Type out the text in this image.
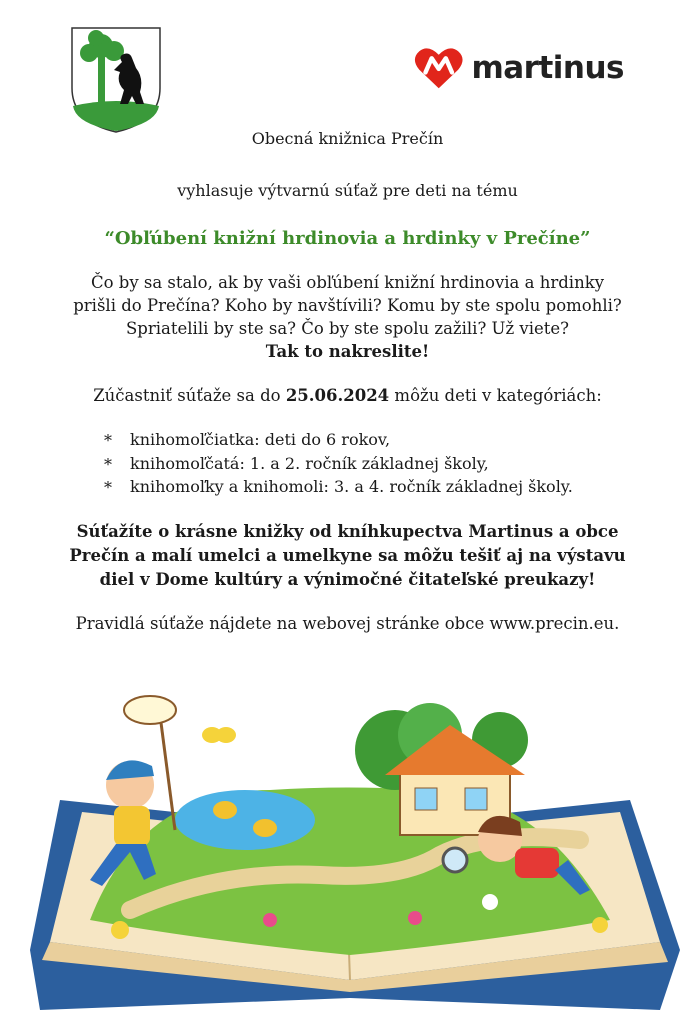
martinus
Obecná knižnica Prečín
vyhlasuje výtvarnú súťaž pre deti na tému
“Obľúbení knižní hrdinovia a hrdinky v Prečíne”
Čo by sa stalo, ak by vaši obľúbení knižní hrdinovia a hrdinky
prišli do Prečína? Koho by navštívili? Komu by ste spolu pomohli?
Spriatelili by ste sa? Čo by ste spolu zažili? Už viete?
Tak to nakreslite!
Zúčastniť súťaže sa do 25.06.2024 môžu deti v kategóriách:
* knihomoľčiatka: deti do 6 rokov,
* knihomoľčatá: 1. a 2. ročník základnej školy,
* knihomoľky a knihomoli: 3. a 4. ročník základnej školy.
Súťažíte o krásne knižky od kníhkupectva Martinus a obce
Prečín a malí umelci a umelkyne sa môžu tešiť aj na výstavu
diel v Dome kultúry a výnimočné čitateľské preukazy!
Pravidlá súťaže nájdete na webovej stránke obce www.precin.eu.
